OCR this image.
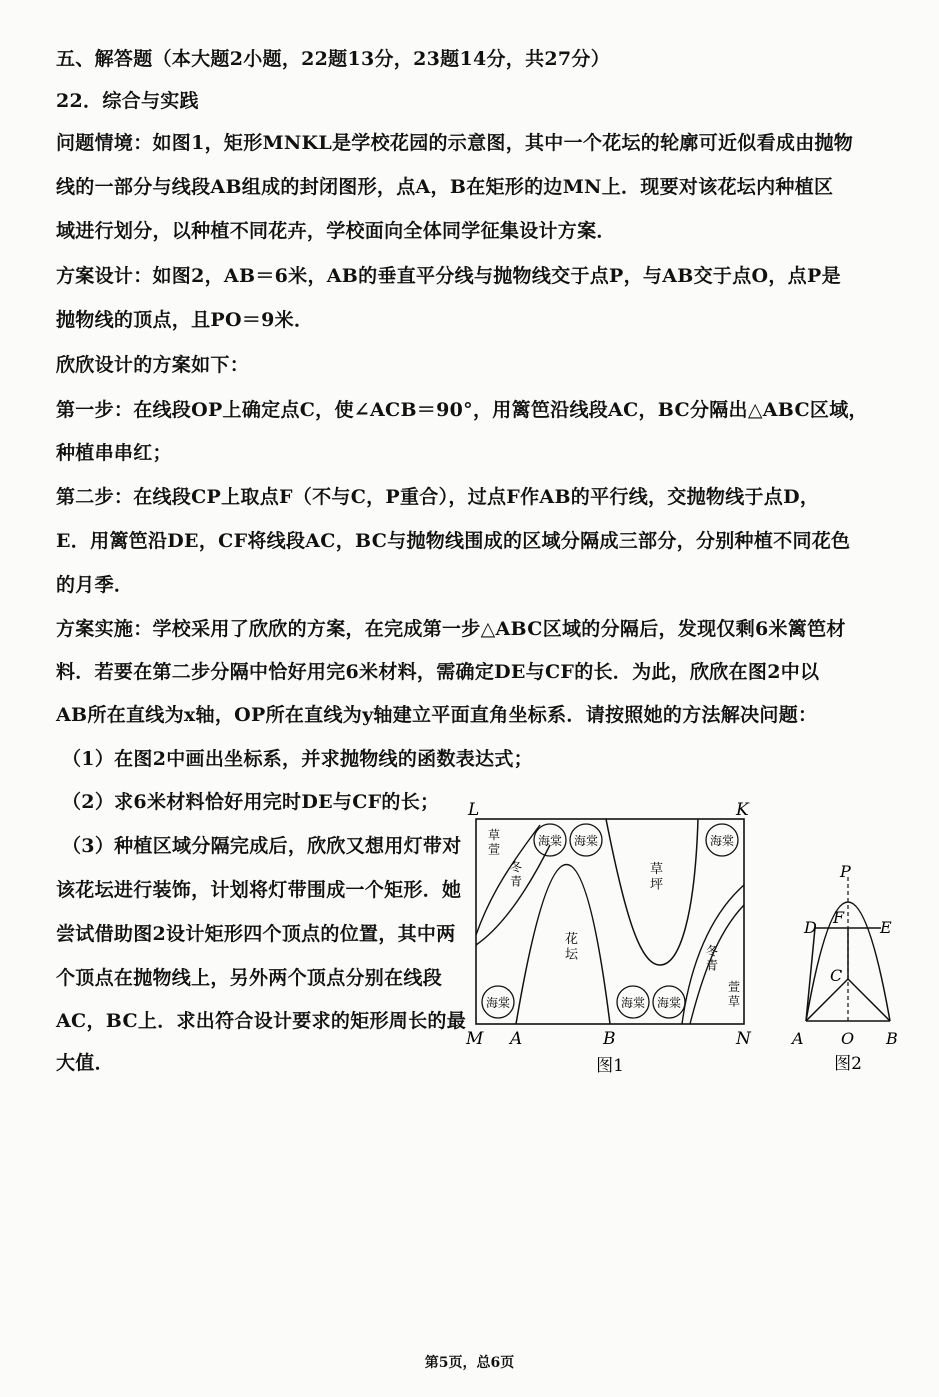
五、解答题（本大题2小题，22题13分，23题14分，共27分）
22．综合与实践
问题情境：如图1，矩形MNKL是学校花园的示意图，其中一个花坛的轮廓可近似看成由抛物
线的一部分与线段AB组成的封闭图形，点A，B在矩形的边MN上．现要对该花坛内种植区
域进行划分，以种植不同花卉，学校面向全体同学征集设计方案．
方案设计：如图2，AB＝6米，AB的垂直平分线与抛物线交于点P，与AB交于点O，点P是
抛物线的顶点，且PO＝9米．
欣欣设计的方案如下：
第一步：在线段OP上确定点C，使∠ACB＝90°，用篱笆沿线段AC，BC分隔出△ABC区域，
种植串串红；
第二步：在线段CP上取点F（不与C，P重合），过点F作AB的平行线，交抛物线于点D，
E．用篱笆沿DE，CF将线段AC，BC与抛物线围成的区域分隔成三部分，分别种植不同花色
的月季．
方案实施：学校采用了欣欣的方案，在完成第一步△ABC区域的分隔后，发现仅剩6米篱笆材
料．若要在第二步分隔中恰好用完6米材料，需确定DE与CF的长．为此，欣欣在图2中以
AB所在直线为x轴，OP所在直线为y轴建立平面直角坐标系．请按照她的方法解决问题：
（1）在图2中画出坐标系，并求抛物线的函数表达式；
（2）求6米材料恰好用完时DE与CF的长；
（3）种植区域分隔完成后，欣欣又想用灯带对
该花坛进行装饰，计划将灯带围成一个矩形．她
尝试借助图2设计矩形四个顶点的位置，其中两
个顶点在抛物线上，另外两个顶点分别在线段
AC，BC上．求出符合设计要求的矩形周长的最
大值．
海棠 海棠	海棠
海棠	海棠 海棠
草萱
冬青
花坛
草坪
冬青
萱草
L	K
M A	B	N
图1
P
F
D	E
C
A O B
图2
第5页，总6页
